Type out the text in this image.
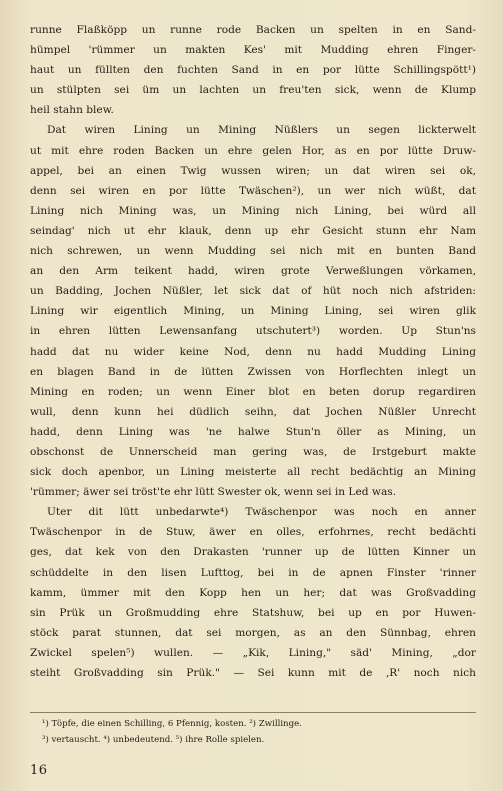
runne Flaßköpp un runne rode Backen un spelten in en Sand-
hümpel 'rümmer un makten Kes' mit Mudding ehren Finger-
haut un füllten den fuchten Sand in en por lütte Schillingspött¹)
un stülpten sei üm un lachten un freu'ten sick, wenn de Klump
heil stahn blew.
Dat wiren Lining un Mining Nüßlers un segen lickterwelt
ut mit ehre roden Backen un ehre gelen Hor, as en por lütte Druw-
appel, bei an einen Twig wussen wiren; un dat wiren sei ok,
denn sei wiren en por lütte Twäschen²), un wer nich wüßt, dat
Lining nich Mining was, un Mining nich Lining, bei würd all
seindag' nich ut ehr klauk, denn up ehr Gesicht stunn ehr Nam
nich schrewen, un wenn Mudding sei nich mit en bunten Band
an den Arm teikent hadd, wiren grote Verweßlungen vörkamen,
un Badding, Jochen Nüßler, let sick dat of hüt noch nich afstriden:
Lining wir eigentlich Mining, un Mining Lining, sei wiren glik
in ehren lütten Lewensanfang utschutert³) worden. Up Stun'ns
hadd dat nu wider keine Nod, denn nu hadd Mudding Lining
en blagen Band in de lütten Zwissen von Horflechten inlegt un
Mining en roden; un wenn Einer blot en beten dorup regardiren
wull, denn kunn hei düdlich seihn, dat Jochen Nüßler Unrecht
hadd, denn Lining was 'ne halwe Stun'n öller as Mining, un
obschonst de Unnerscheid man gering was, de Irstgeburt makte
sick doch apenbor, un Lining meisterte all recht bedächtig an Mining
'rümmer; äwer sei tröst'te ehr lütt Swester ok, wenn sei in Led was.
Uter dit lütt unbedarwte⁴) Twäschenpor was noch en anner
Twäschenpor in de Stuw, äwer en olles, erfohrnes, recht bedächti
ges, dat kek von den Drakasten 'runner up de lütten Kinner un
schüddelte in den lisen Lufttog, bei in de apnen Finster 'rinner
kamm, ümmer mit den Kopp hen un her; dat was Großvadding
sin Prük un Großmudding ehre Statshuw, bei up en por Huwen-
stöck parat stunnen, dat sei morgen, as an den Sünnbag, ehren
Zwickel spelen⁵) wullen. — „Kik, Lining," säd' Mining, „dor
steiht Großvadding sin Prük." — Sei kunn mit de ‚R' noch nich
¹) Töpfe, die einen Schilling, 6 Pfennig, kosten. ²) Zwillinge.
³) vertauscht. ⁴) unbedeutend. ⁵) ihre Rolle spielen.
16
